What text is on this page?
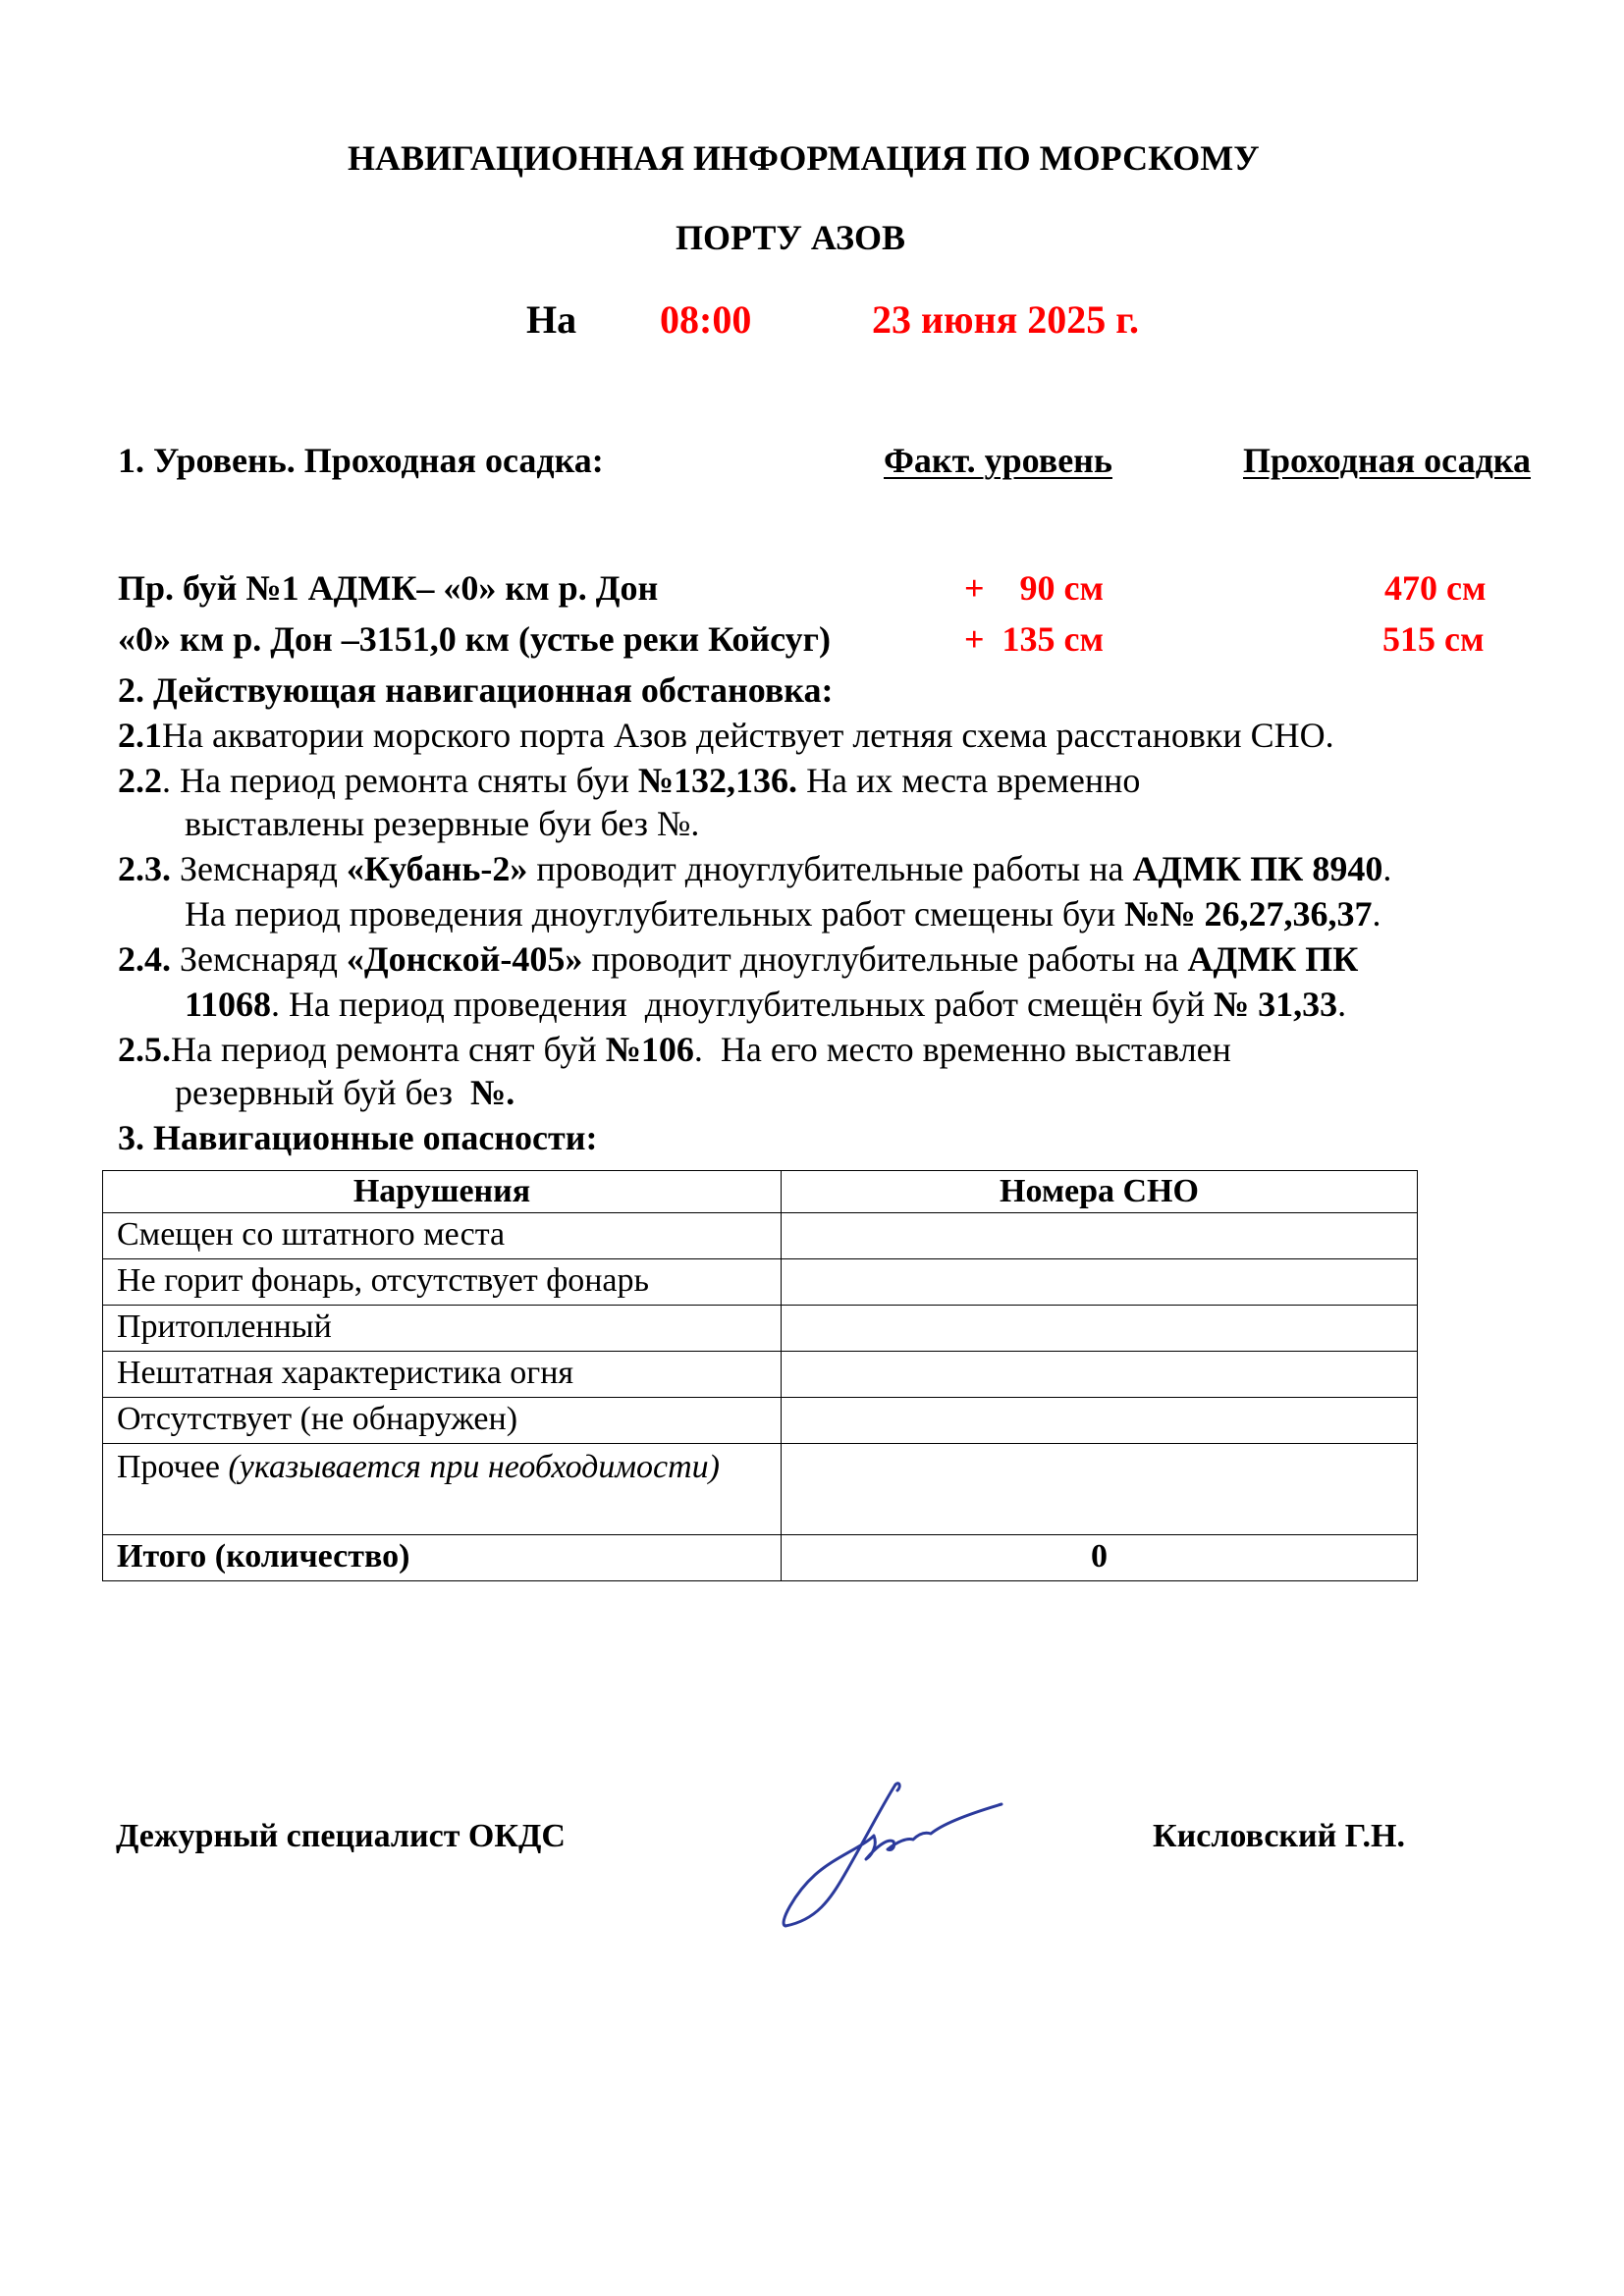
НАВИГАЦИОННАЯ ИНФОРМАЦИЯ ПО МОРСКОМУ
ПОРТУ АЗОВ
На 08:00	23 июня 2025 г.
1. Уровень. Проходная осадка:	Факт. уровень	Проходная осадка
Пр. буй №1 АДМК– «0» км р. Дон	+    90 см	470 см
«0» км р. Дон –3151,0 км (устье реки Койсуг)	+  135 см	515 см
2. Действующая навигационная обстановка:
2.1На акватории морского порта Азов действует летняя схема расстановки СНО.
2.2. На период ремонта сняты буи №132,136. На их места временно
выставлены резервные буи без №.
2.3. Земснаряд «Кубань-2» проводит дноуглубительные работы на АДМК ПК 8940.
На период проведения дноуглубительных работ смещены буи №№ 26,27,36,37.
2.4. Земснаряд «Донской-405» проводит дноуглубительные работы на АДМК ПК
11068. На период проведения  дноуглубительных работ смещён буй № 31,33.
2.5.На период ремонта снят буй №106.  На его место временно выставлен
резервный буй без  №.
3. Навигационные опасности:
Нарушения	Номера СНО
Смещен со штатного места	
Не горит фонарь, отсутствует фонарь	
Притопленный	
Нештатная характеристика огня	
Отсутствует (не обнаружен)	
Прочее (указывается при необходимости)	
Итого (количество)	0
Дежурный специалист ОКДС	Кисловский Г.Н.
